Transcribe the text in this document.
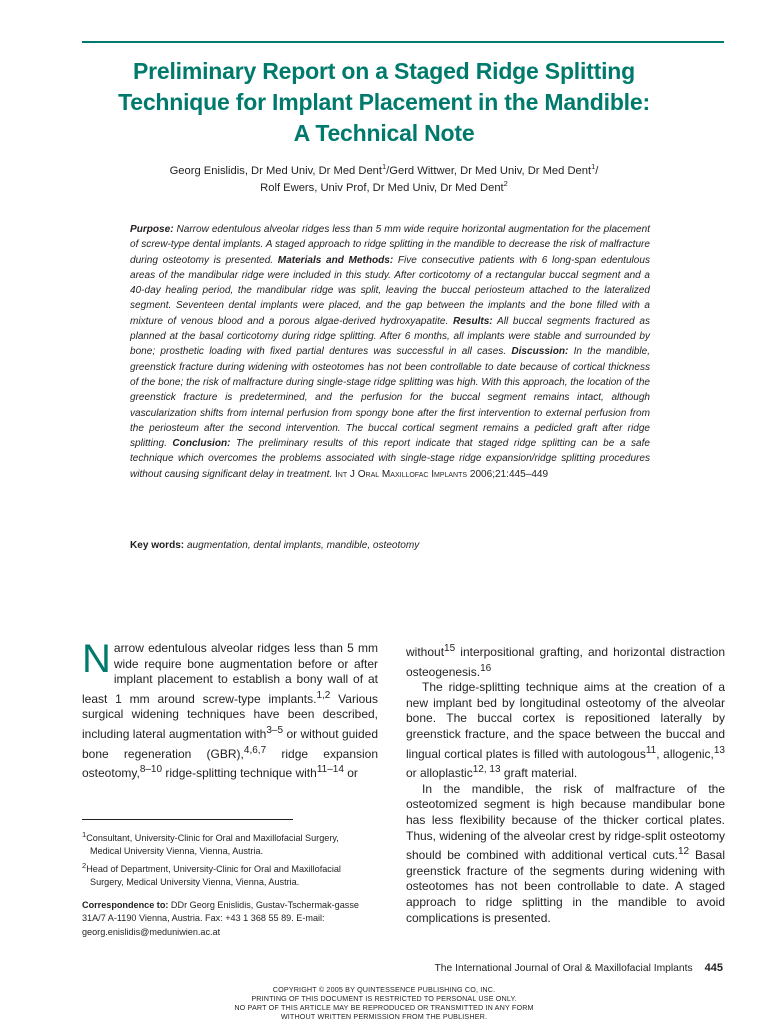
Preliminary Report on a Staged Ridge Splitting
Technique for Implant Placement in the Mandible:
A Technical Note
Georg Enislidis, Dr Med Univ, Dr Med Dent$^1$/Gerd Wittwer, Dr Med Univ, Dr Med Dent$^1$/
Rolf Ewers, Univ Prof, Dr Med Univ, Dr Med Dent$^2$
Purpose: Narrow edentulous alveolar ridges less than 5 mm wide require horizontal augmentation for the placement of screw-type dental implants. A staged approach to ridge splitting in the mandible to decrease the risk of malfracture during osteotomy is presented. Materials and Methods: Five consecutive patients with 6 long-span edentulous areas of the mandibular ridge were included in this study. After corticotomy of a rectangular buccal segment and a 40-day healing period, the mandibular ridge was split, leaving the buccal periosteum attached to the lateralized segment. Seventeen dental implants were placed, and the gap between the implants and the bone filled with a mixture of venous blood and a porous algae-derived hydroxyapatite. Results: All buccal segments fractured as planned at the basal corticotomy during ridge splitting. After 6 months, all implants were stable and surrounded by bone; prosthetic loading with fixed partial dentures was successful in all cases. Discussion: In the mandible, greenstick fracture during widening with osteotomes has not been controllable to date because of cortical thickness of the bone; the risk of malfracture during single-stage ridge splitting was high. With this approach, the location of the greenstick fracture is predetermined, and the perfusion for the buccal segment remains intact, although vascularization shifts from internal perfusion from spongy bone after the first intervention to external perfusion from the periosteum after the second intervention. The buccal cortical segment remains a pedicled graft after ridge splitting. Conclusion: The preliminary results of this report indicate that staged ridge splitting can be a safe technique which overcomes the problems associated with single-stage ridge expansion/ridge splitting procedures without causing significant delay in treatment. Int J Oral Maxillofac Implants 2006;21:445–449
Key words: augmentation, dental implants, mandible, osteotomy

Narrow edentulous alveolar ridges less than 5 mm wide require bone augmentation before or after implant placement to establish a bony wall of at least 1 mm around screw-type implants.$^{1,2}$ Various surgical widening techniques have been described, including lateral augmentation with$^{3-5}$ or without guided bone regeneration (GBR),$^{4,6,7}$ ridge expansion osteotomy,$^{8-10}$ ridge-splitting technique with$^{11-14}$ or

without$^{15}$ interpositional grafting, and horizontal distraction osteogenesis.$^{16}$

The ridge-splitting technique aims at the creation of a new implant bed by longitudinal osteotomy of the alveolar bone. The buccal cortex is repositioned laterally by greenstick fracture, and the space between the buccal and lingual cortical plates is filled with autologous$^{11}$, allogenic,$^{13}$ or alloplastic$^{12, 13}$ graft material.

In the mandible, the risk of malfracture of the osteotomized segment is high because mandibular bone has less flexibility because of the thicker cortical plates. Thus, widening of the alveolar crest by ridge-split osteotomy should be combined with additional vertical cuts.$^{12}$ Basal greenstick fracture of the segments during widening with osteotomes has not been controllable to date. A staged approach to ridge splitting in the mandible to avoid complications is presented.

$^1$Consultant, University-Clinic for Oral and Maxillofacial Surgery, Medical University Vienna, Vienna, Austria.

$^2$Head of Department, University-Clinic for Oral and Maxillofacial Surgery, Medical University Vienna, Vienna, Austria.

Correspondence to: DDr Georg Enislidis, Gustav-Tschermak-gasse 31A/7 A-1190 Vienna, Austria. Fax: +43 1 368 55 89. E-mail: georg.enislidis@meduniwien.ac.at

The International Journal of Oral & Maxillofacial Implants 445
COPYRIGHT © 2005 BY QUINTESSENCE PUBLISHING CO, INC.
PRINTING OF THIS DOCUMENT IS RESTRICTED TO PERSONAL USE ONLY.
NO PART OF THIS ARTICLE MAY BE REPRODUCED OR TRANSMITTED IN ANY FORM
WITHOUT WRITTEN PERMISSION FROM THE PUBLISHER.
